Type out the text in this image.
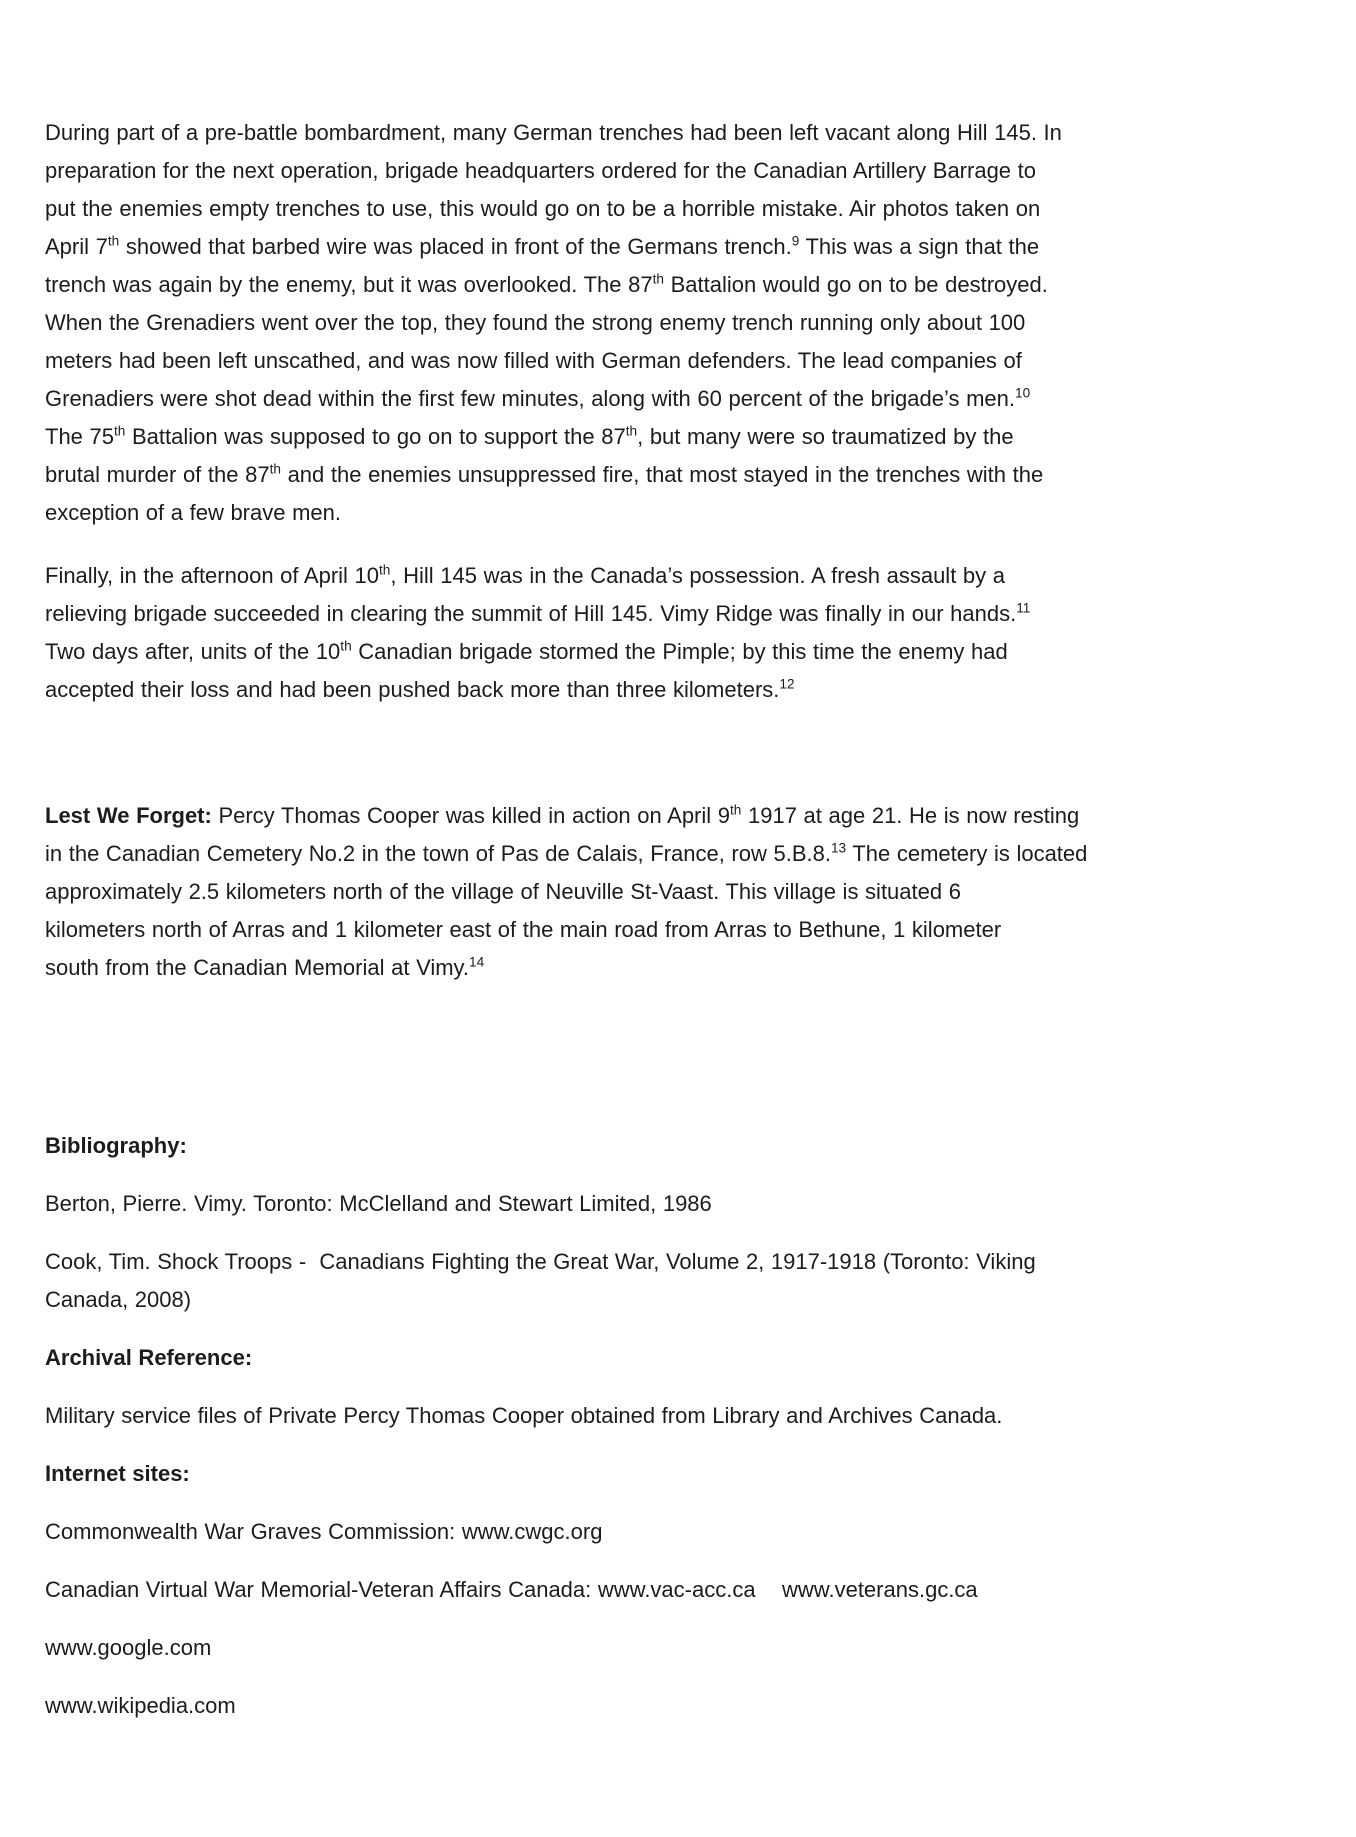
During part of a pre-battle bombardment, many German trenches had been left vacant along Hill 145. In
preparation for the next operation, brigade headquarters ordered for the Canadian Artillery Barrage to
put the enemies empty trenches to use, this would go on to be a horrible mistake. Air photos taken on
April 7th showed that barbed wire was placed in front of the Germans trench.$^9$ This was a sign that the
trench was again by the enemy, but it was overlooked. The 87th Battalion would go on to be destroyed.
When the Grenadiers went over the top, they found the strong enemy trench running only about 100
meters had been left unscathed, and was now filled with German defenders. The lead companies of
Grenadiers were shot dead within the first few minutes, along with 60 percent of the brigade’s men.$^{10}$
The 75th Battalion was supposed to go on to support the 87th, but many were so traumatized by the
brutal murder of the 87th and the enemies unsuppressed fire, that most stayed in the trenches with the
exception of a few brave men.

Finally, in the afternoon of April 10th, Hill 145 was in the Canada’s possession. A fresh assault by a
relieving brigade succeeded in clearing the summit of Hill 145. Vimy Ridge was finally in our hands.$^{11}$
Two days after, units of the 10th Canadian brigade stormed the Pimple; by this time the enemy had
accepted their loss and had been pushed back more than three kilometers.$^{12}$

Lest We Forget: Percy Thomas Cooper was killed in action on April 9th 1917 at age 21. He is now resting
in the Canadian Cemetery No.2 in the town of Pas de Calais, France, row 5.B.8.13 The cemetery is located
approximately 2.5 kilometers north of the village of Neuville St-Vaast. This village is situated 6
kilometers north of Arras and 1 kilometer east of the main road from Arras to Bethune, 1 kilometer
south from the Canadian Memorial at Vimy.$^{14}$

Bibliography:

Berton, Pierre. Vimy. Toronto: McClelland and Stewart Limited, 1986

Cook, Tim. Shock Troops -  Canadians Fighting the Great War, Volume 2, 1917-1918 (Toronto: Viking
Canada, 2008)

Archival Reference:

Military service files of Private Percy Thomas Cooper obtained from Library and Archives Canada.

Internet sites:

Commonwealth War Graves Commission: www.cwgc.org

Canadian Virtual War Memorial-Veteran Affairs Canada: www.vac-acc.ca    www.veterans.gc.ca

www.google.com

www.wikipedia.com
